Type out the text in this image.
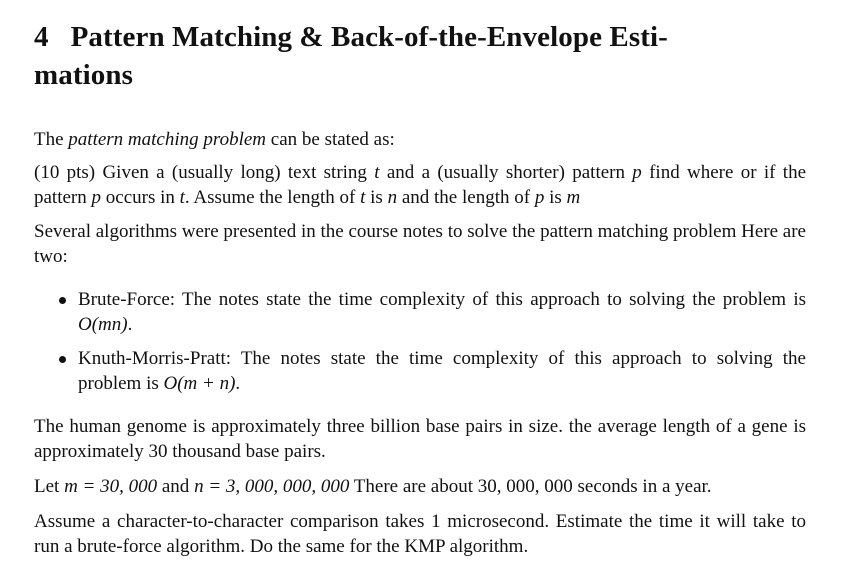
4 Pattern Matching & Back-of-the-Envelope Esti-
mations

The pattern matching problem can be stated as:

(10 pts) Given a (usually long) text string t and a (usually shorter) pattern p find where or if the pattern p occurs in t. Assume the length of t is n and the length of p is m

Several algorithms were presented in the course notes to solve the pattern matching problem Here are two:

Brute-Force: The notes state the time complexity of this approach to solving the problem is O(mn).
Knuth-Morris-Pratt: The notes state the time complexity of this approach to solving the problem is O(m + n).

The human genome is approximately three billion base pairs in size. the average length of a gene is approximately 30 thousand base pairs.

Let m = 30, 000 and n = 3, 000, 000, 000 There are about 30, 000, 000 seconds in a year.

Assume a character-to-character comparison takes 1 microsecond. Estimate the time it will take to run a brute-force algorithm. Do the same for the KMP algorithm.
